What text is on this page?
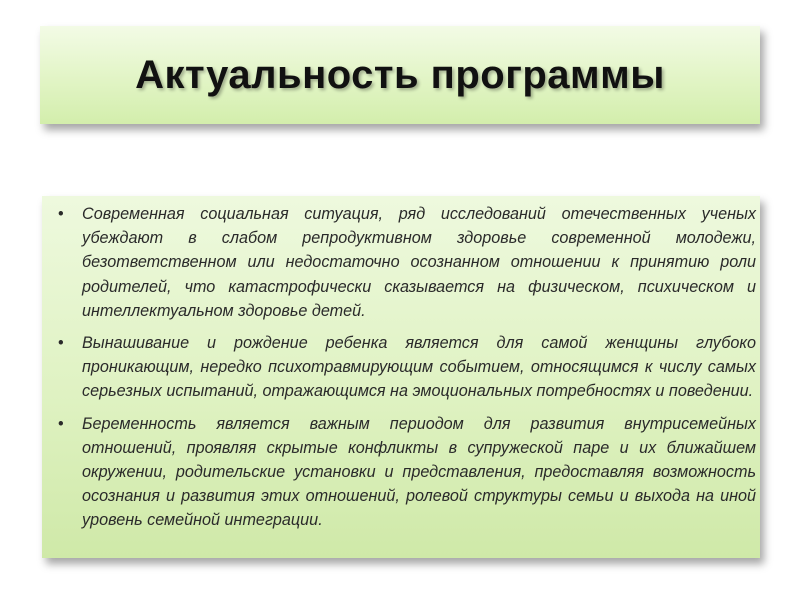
Актуальность программы
• Современная социальная ситуация, ряд исследований отечественных ученых убеждают в слабом репродуктивном здоровье современной молодежи, безответственном или недостаточно осознанном отношении к принятию роли родителей, что катастрофически сказывается на физическом, психическом и интеллектуальном здоровье детей.
• Вынашивание и рождение ребенка является для самой женщины глубоко проникающим, нередко психотравмирующим событием, относящимся к числу самых серьезных испытаний, отражающимся на эмоциональных потребностях и поведении.
• Беременность является важным периодом для развития внутрисемейных отношений, проявляя скрытые конфликты в супружеской паре и их ближайшем окружении, родительские установки и представления, предоставляя возможность осознания и развития этих отношений, ролевой структуры семьи и выхода на иной уровень семейной интеграции.
